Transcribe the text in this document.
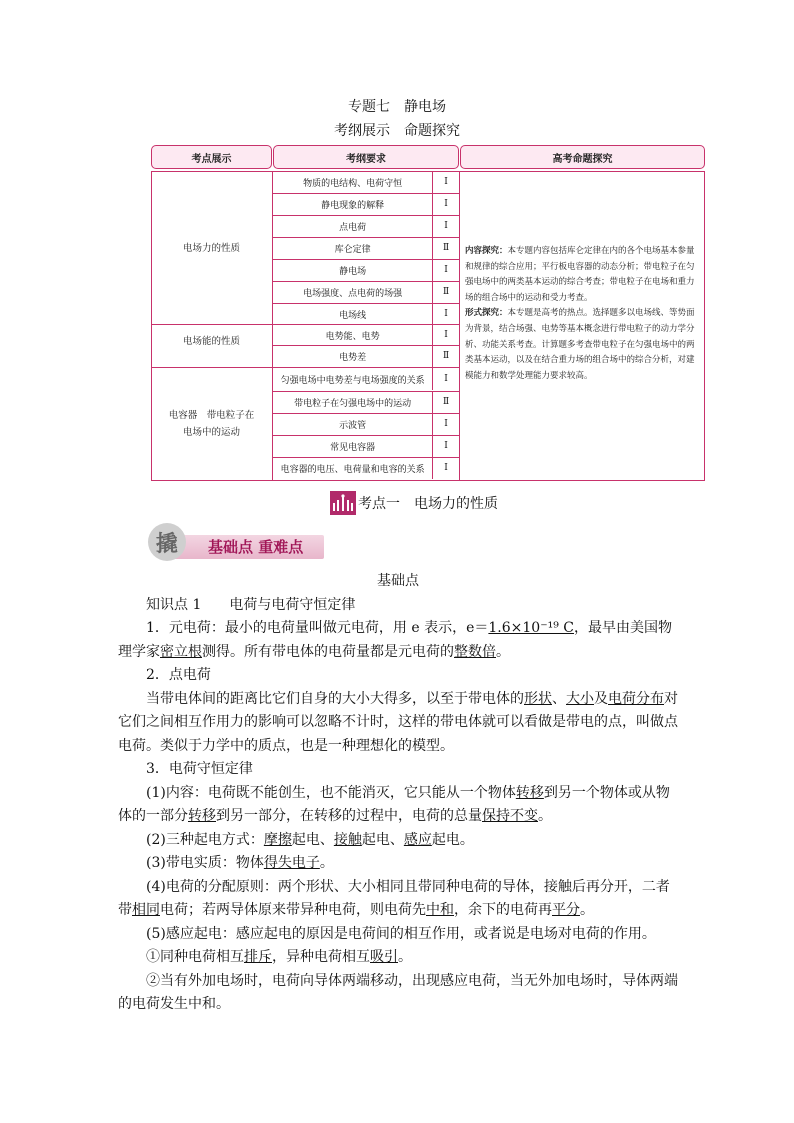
专题七　静电场
考纲展示　命题探究
考点展示	考纲要求	高考命题探究
电场力的性质
物质的电结构、电荷守恒	Ⅰ
静电现象的解释	Ⅰ
点电荷	Ⅰ
库仑定律	Ⅱ
静电场	Ⅰ
电场强度、点电荷的场强	Ⅱ
电场线	Ⅰ
电场能的性质	电势能、电势	Ⅰ
电势差	Ⅱ
电容器　带电粒子在
电场中的运动
匀强电场中电势差与电场强度的关系	Ⅰ
带电粒子在匀强电场中的运动	Ⅱ
示波管	Ⅰ
常见电容器	Ⅰ
电容器的电压、电荷量和电容的关系	Ⅰ
内容探究：本专题内容包括库仑定律在内的各个电场基本参量和规律的综合应用；平行板电容器的动态分析；带电粒子在匀强电场中的两类基本运动的综合考查；带电粒子在电场和重力场的组合场中的运动和受力考查。
形式探究：本专题是高考的热点。选择题多以电场线、等势面为背景，结合场强、电势等基本概念进行带电粒子的动力学分析、功能关系考查。计算题多考查带电粒子在匀强电场中的两类基本运动，以及在结合重力场的组合场中的综合分析，对建模能力和数学处理能力要求较高。
考点一　电场力的性质
撬	基础点 重难点

基础点

知识点 1　　电荷与电荷守恒定律

1．元电荷：最小的电荷量叫做元电荷，用 e 表示，e＝1.6×10⁻¹⁹ C，最早由美国物理学家密立根测得。所有带电体的电荷量都是元电荷的整数倍。

2．点电荷

当带电体间的距离比它们自身的大小大得多，以至于带电体的形状、大小及电荷分布对它们之间相互作用力的影响可以忽略不计时，这样的带电体就可以看做是带电的点，叫做点电荷。类似于力学中的质点，也是一种理想化的模型。

3．电荷守恒定律

(1)内容：电荷既不能创生，也不能消灭，它只能从一个物体转移到另一个物体或从物体的一部分转移到另一部分，在转移的过程中，电荷的总量保持不变。

(2)三种起电方式：摩擦起电、接触起电、感应起电。

(3)带电实质：物体得失电子。

(4)电荷的分配原则：两个形状、大小相同且带同种电荷的导体，接触后再分开，二者带相同电荷；若两导体原来带异种电荷，则电荷先中和，余下的电荷再平分。

(5)感应起电：感应起电的原因是电荷间的相互作用，或者说是电场对电荷的作用。

①同种电荷相互排斥，异种电荷相互吸引。

②当有外加电场时，电荷向导体两端移动，出现感应电荷，当无外加电场时，导体两端的电荷发生中和。
